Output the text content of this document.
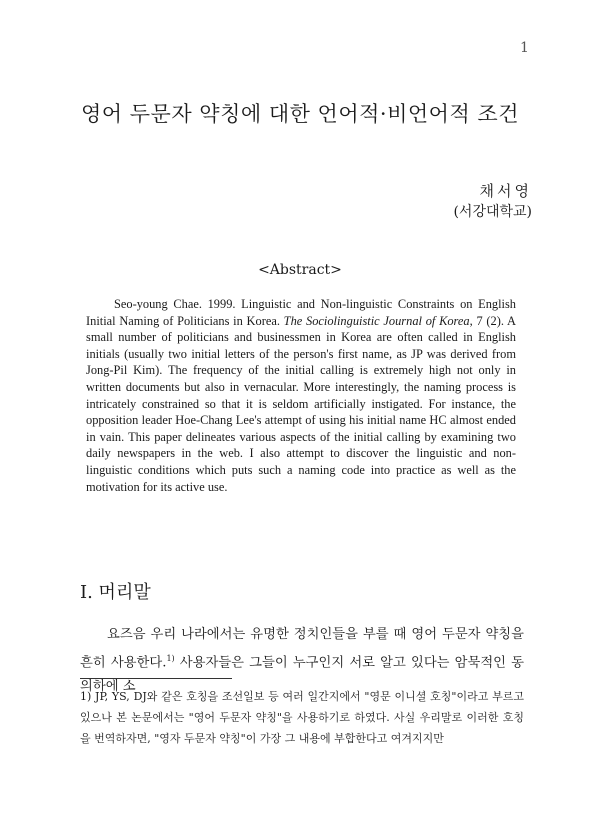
1
영어 두문자 약칭에 대한 언어적·비언어적 조건
채서영
(서강대학교)
<Abstract>

Seo-young Chae. 1999. Linguistic and Non-linguistic Constraints on English Initial Naming of Politicians in Korea. The Sociolinguistic Journal of Korea, 7 (2). A small number of politicians and businessmen in Korea are often called in English initials (usually two initial letters of the person's first name, as JP was derived from Jong-Pil Kim). The frequency of the initial calling is extremely high not only in written documents but also in vernacular. More interestingly, the naming process is intricately constrained so that it is seldom artificially instigated. For instance, the opposition leader Hoe-Chang Lee's attempt of using his initial name HC almost ended in vain. This paper delineates various aspects of the initial calling by examining two daily newspapers in the web. I also attempt to discover the linguistic and non-linguistic conditions which puts such a naming code into practice as well as the motivation for its active use.

I. 머리말

요즈음 우리 나라에서는 유명한 정치인들을 부를 때 영어 두문자 약칭을 흔히 사용한다.$^{1)}$ 사용자들은 그들이 누구인지 서로 알고 있다는 암묵적인 동의하에 소

1) JP, YS, DJ와 같은 호칭을 조선일보 등 여러 일간지에서 "영문 이니셜 호칭"이라고 부르고 있으나 본 논문에서는 "영어 두문자 약칭"을 사용하기로 하였다. 사실 우리말로 이러한 호칭을 번역하자면, "영자 두문자 약칭"이 가장 그 내용에 부합한다고 여겨지지만
